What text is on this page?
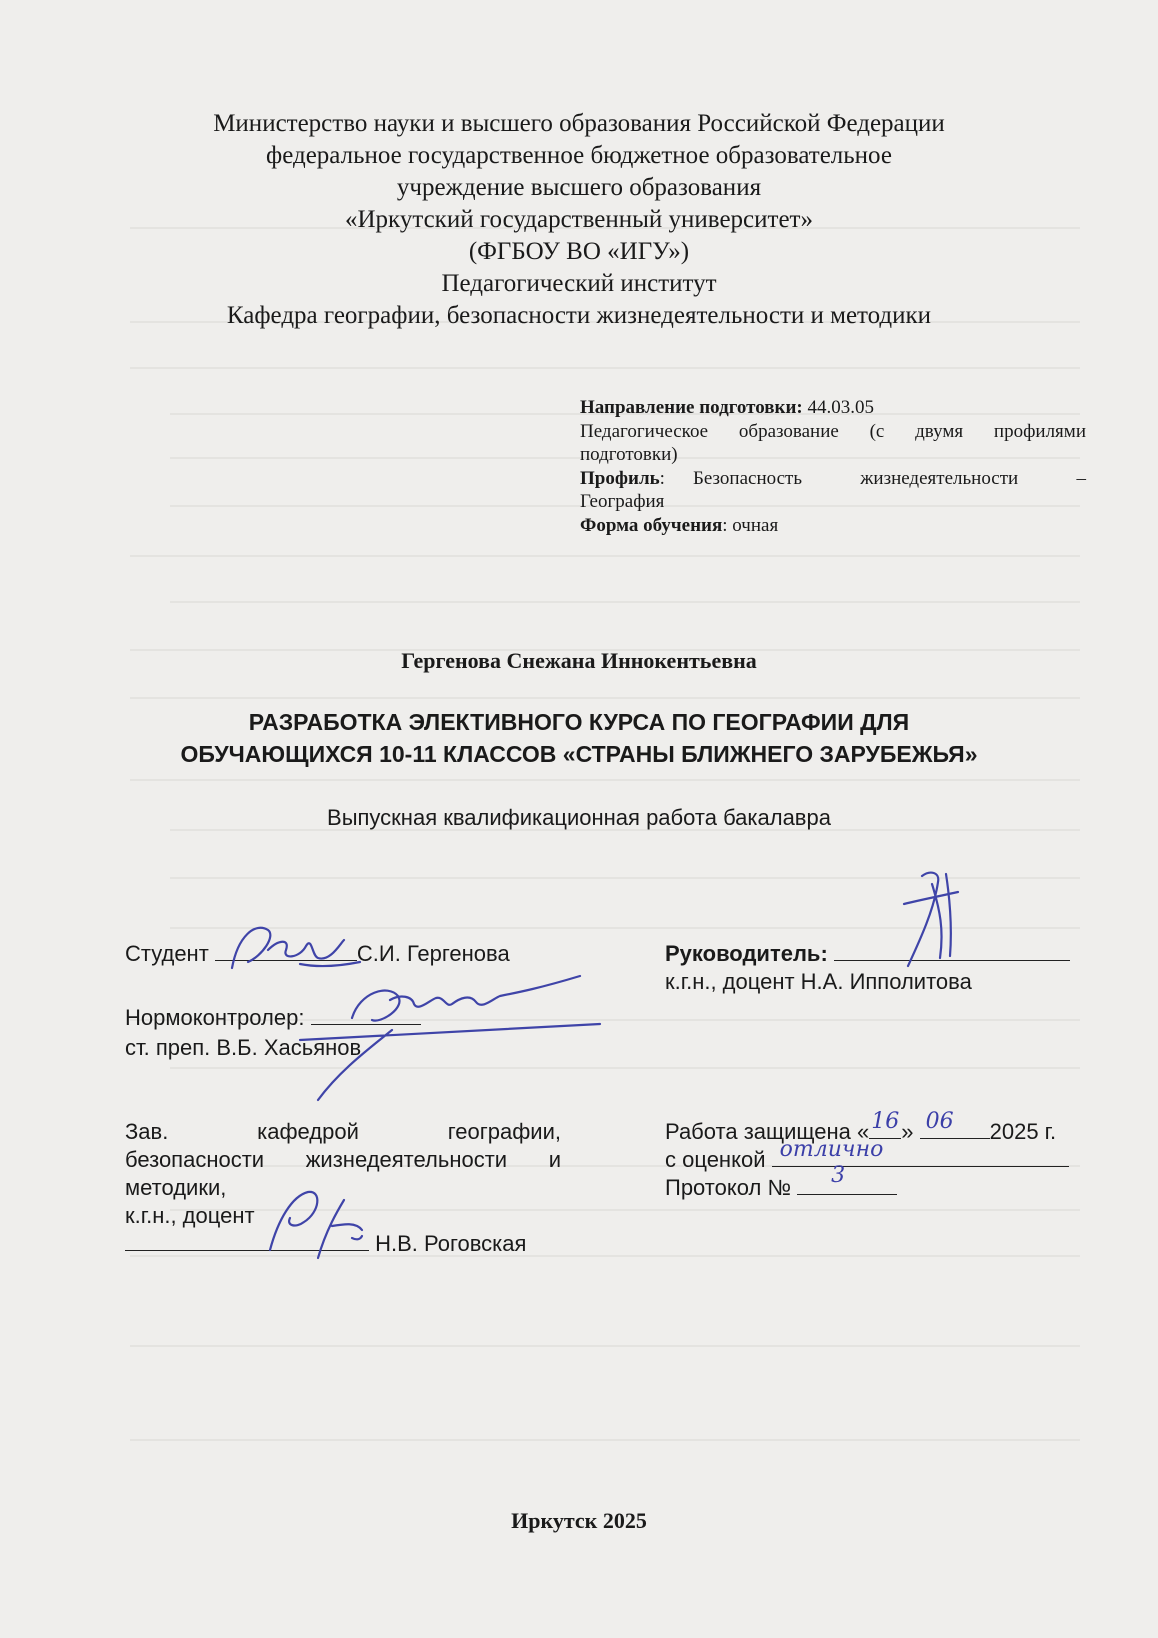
Министерство науки и высшего образования Российской Федерации
федеральное государственное бюджетное образовательное
учреждение высшего образования
«Иркутский государственный университет»
(ФГБОУ ВО «ИГУ»)
Педагогический институт
Кафедра географии, безопасности жизнедеятельности и методики
Направление подготовки: 44.03.05
Педагогическое образование (с двумя профилями
подготовки)
Профиль:	Безопасность жизнедеятельности –
География
Форма обучения: очная
Гергенова Снежана Иннокентьевна
РАЗРАБОТКА ЭЛЕКТИВНОГО КУРСА ПО ГЕОГРАФИИ ДЛЯ
ОБУЧАЮЩИХСЯ 10-11 КЛАССОВ «СТРАНЫ БЛИЖНЕГО ЗАРУБЕЖЬЯ»
Выпускная квалификационная работа бакалавра
Студент	С.И. Гергенова	Руководитель:
к.г.н., доцент Н.А. Ипполитова
Нормоконтролер:
ст. преп. В.Б. Хасьянов
Зав.	кафедрой	географии,
безопасности жизнедеятельности и
методики,
к.г.н., доцент
Н.В. Роговская
Работа защищена « 16 » 06 2025 г.
с оценкой отлично
Протокол № 3
Иркутск 2025
